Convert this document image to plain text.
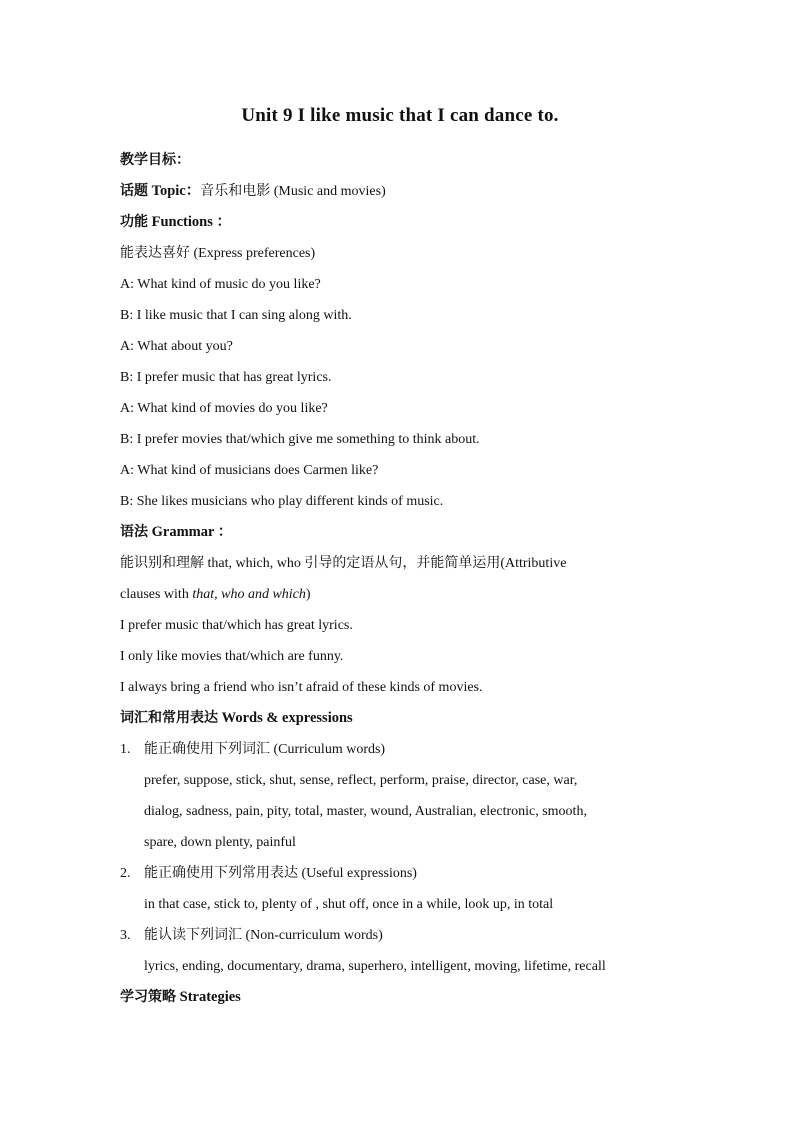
Unit 9 I like music that I can dance to.
教学目标：
话题 Topic：音乐和电影 (Music and movies)
功能 Functions ：
能表达喜好 (Express preferences)
A: What kind of music do you like?
B: I like music that I can sing along with.
A: What about you?
B: I prefer music that has great lyrics.
A: What kind of movies do you like?
B: I prefer movies that/which give me something to think about.
A: What kind of musicians does Carmen like?
B: She likes musicians who play different kinds of music.
语法 Grammar ：
能识别和理解 that, which, who 引导的定语从句，并能简单运用(Attributive
clauses with that, who and which)
I prefer music that/which has great lyrics.
I only like movies that/which are funny.
I always bring a friend who isn’t afraid of these kinds of movies.
词汇和常用表达 Words & expressions
1. 能正确使用下列词汇 (Curriculum words)
prefer, suppose, stick, shut, sense, reflect, perform, praise, director, case, war,
dialog, sadness, pain, pity, total, master, wound, Australian, electronic, smooth,
spare, down plenty, painful
2. 能正确使用下列常用表达 (Useful expressions)
in that case, stick to, plenty of , shut off, once in a while, look up, in total
3. 能认读下列词汇 (Non-curriculum words)
lyrics, ending, documentary, drama, superhero, intelligent, moving, lifetime, recall
学习策略 Strategies
